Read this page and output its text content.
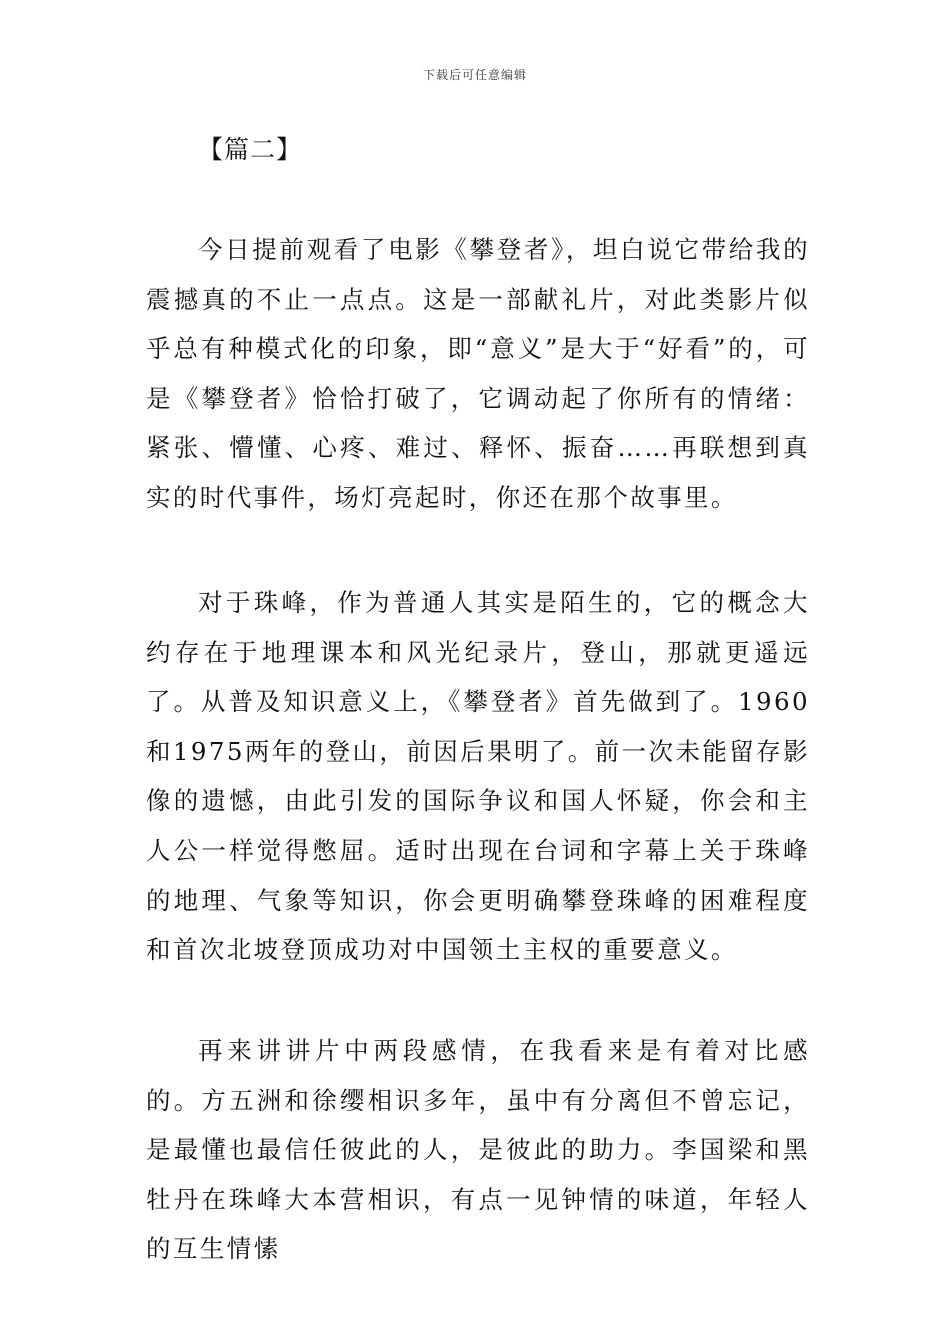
下载后可任意编辑
【篇二】

今日提前观看了电影《攀登者》，坦白说它带给我的震撼真的不止一点点。这是一部献礼片，对此类影片似乎总有种模式化的印象，即“意义”是大于“好看”的，可是《攀登者》恰恰打破了，它调动起了你所有的情绪：紧张、懵懂、心疼、难过、释怀、振奋……再联想到真实的时代事件，场灯亮起时，你还在那个故事里。

对于珠峰，作为普通人其实是陌生的，它的概念大约存在于地理课本和风光纪录片，登山，那就更遥远了。从普及知识意义上，《攀登者》首先做到了。1960和1975两年的登山，前因后果明了。前一次未能留存影像的遗憾，由此引发的国际争议和国人怀疑，你会和主人公一样觉得憋屈。适时出现在台词和字幕上关于珠峰的地理、气象等知识，你会更明确攀登珠峰的困难程度和首次北坡登顶成功对中国领土主权的重要意义。

再来讲讲片中两段感情，在我看来是有着对比感的。方五洲和徐缨相识多年，虽中有分离但不曾忘记，是最懂也最信任彼此的人，是彼此的助力。李国梁和黑牡丹在珠峰大本营相识，有点一见钟情的味道，年轻人的互生情愫
